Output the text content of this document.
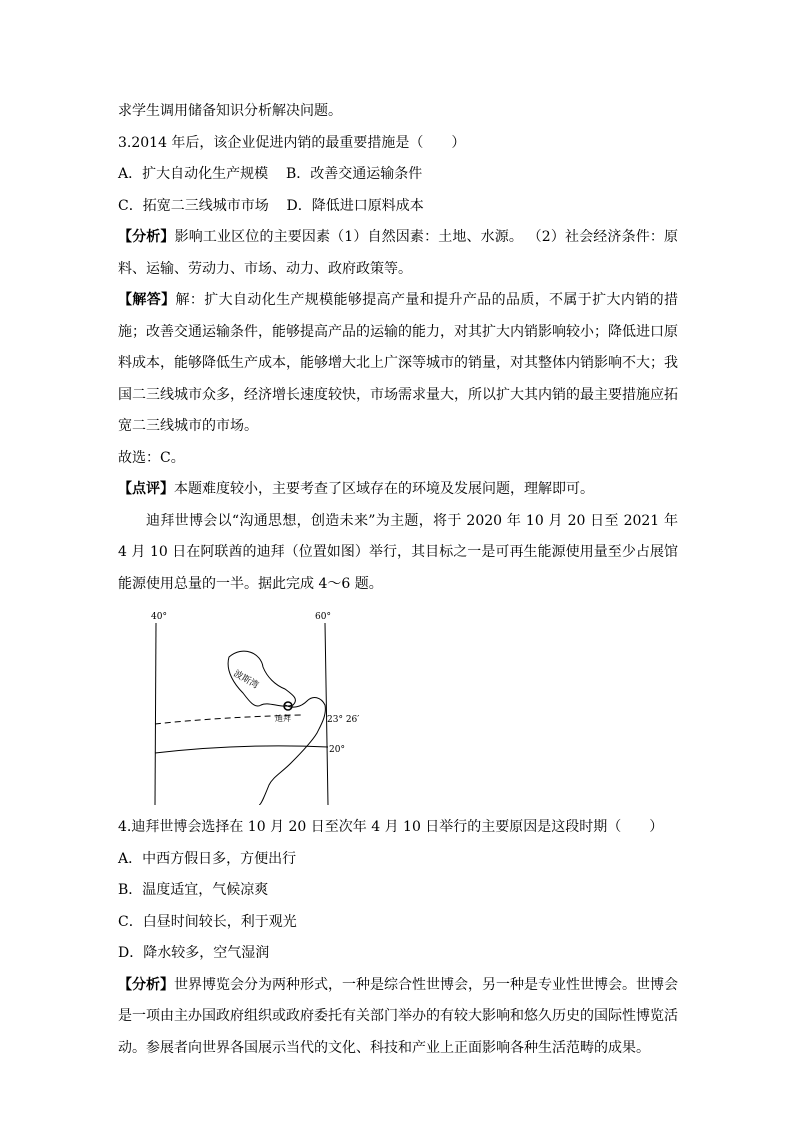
求学生调用储备知识分析解决问题。
3.2014 年后，该企业促进内销的最重要措施是（　　）
A．扩大自动化生产规模 B．改善交通运输条件
C．拓宽二三线城市市场 D．降低进口原料成本
【分析】影响工业区位的主要因素（1）自然因素：土地、水源。 （2）社会经济条件：原料、运输、劳动力、市场、动力、政府政策等。
【解答】解：扩大自动化生产规模能够提高产量和提升产品的品质，不属于扩大内销的措施；改善交通运输条件，能够提高产品的运输的能力，对其扩大内销影响较小；降低进口原料成本，能够降低生产成本，能够增大北上广深等城市的销量，对其整体内销影响不大；我国二三线城市众多，经济增长速度较快，市场需求量大，所以扩大其内销的最主要措施应拓宽二三线城市的市场。
故选：C。
【点评】本题难度较小，主要考查了区域存在的环境及发展问题，理解即可。
迪拜世博会以“沟通思想，创造未来”为主题，将于 2020 年 10 月 20 日至 2021 年 4 月 10 日在阿联酋的迪拜（位置如图）举行，其目标之一是可再生能源使用量至少占展馆能源使用总量的一半。据此完成 4～6 题。
40°	60°
23° 26′
20°
波斯湾
迪拜
4.迪拜世博会选择在 10 月 20 日至次年 4 月 10 日举行的主要原因是这段时期（　　）
A．中西方假日多，方便出行
B．温度适宜，气候凉爽
C．白昼时间较长，利于观光
D．降水较多，空气湿润
【分析】世界博览会分为两种形式，一种是综合性世博会，另一种是专业性世博会。世博会是一项由主办国政府组织或政府委托有关部门举办的有较大影响和悠久历史的国际性博览活动。参展者向世界各国展示当代的文化、科技和产业上正面影响各种生活范畴的成果。
